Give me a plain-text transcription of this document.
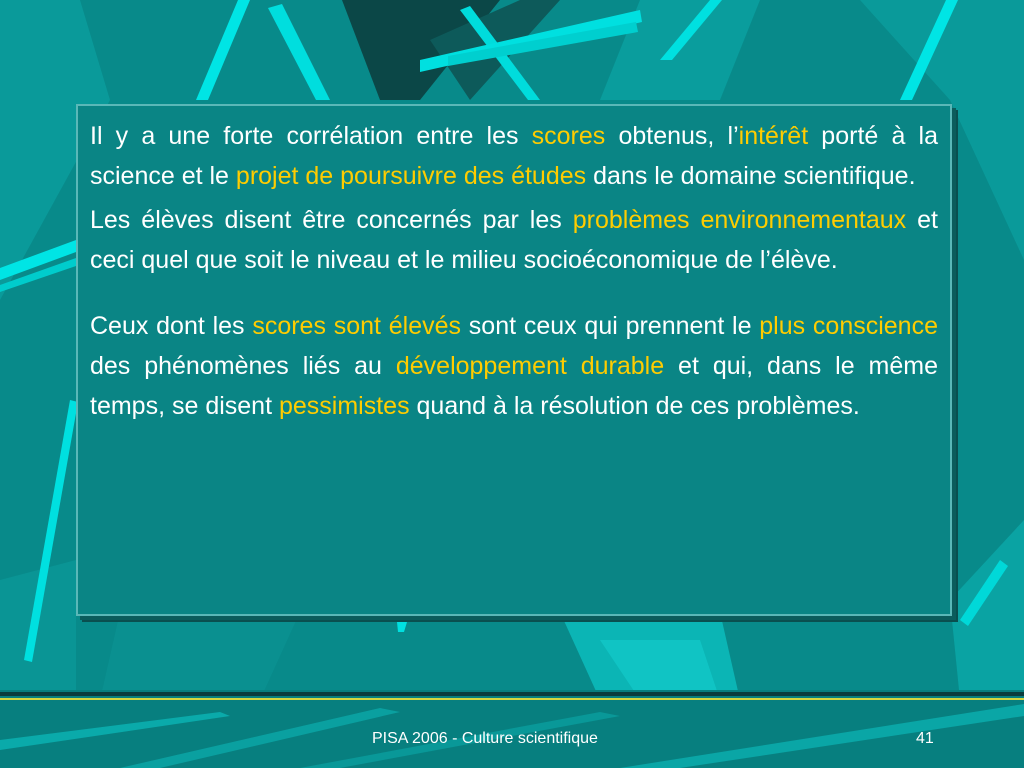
Il y a une forte corrélation entre les scores obtenus, l’intérêt porté à la science et le projet de poursuivre des études dans le domaine scientifique.

Les élèves disent être concernés par les problèmes environnementaux et ceci quel que soit le niveau et le milieu socioéconomique de l’élève.

Ceux dont les scores sont élevés sont ceux qui prennent le plus conscience des phénomènes liés au développement durable et qui, dans le même temps, se disent pessimistes quand à la résolution de ces problèmes.

PISA 2006 - Culture scientifique	41
